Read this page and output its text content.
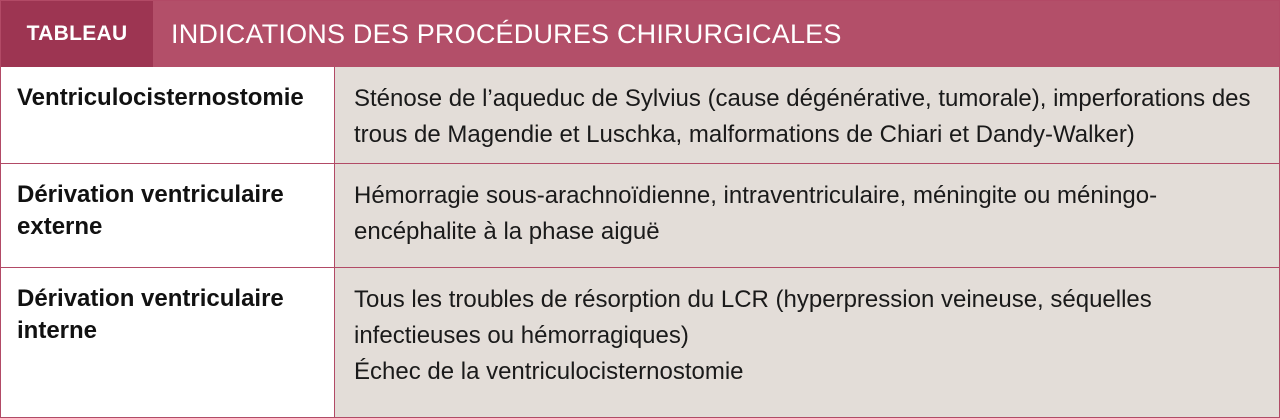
TABLEAU	INDICATIONS DES PROCÉDURES CHIRURGICALES
Ventriculocisternostomie	Sténose de l’aqueduc de Sylvius (cause dégénérative, tumorale), imperforations des trous de Magendie et Luschka, malformations de Chiari et Dandy-Walker)

Dérivation ventriculaire externe

Hémorragie sous-arachnoïdienne, intraventriculaire, méningite ou méningo-encéphalite à la phase aiguë

Dérivation ventriculaire interne

Tous les troubles de résorption du LCR (hyperpression veineuse, séquelles infectieuses ou hémorragiques)

Échec de la ventriculocisternostomie
